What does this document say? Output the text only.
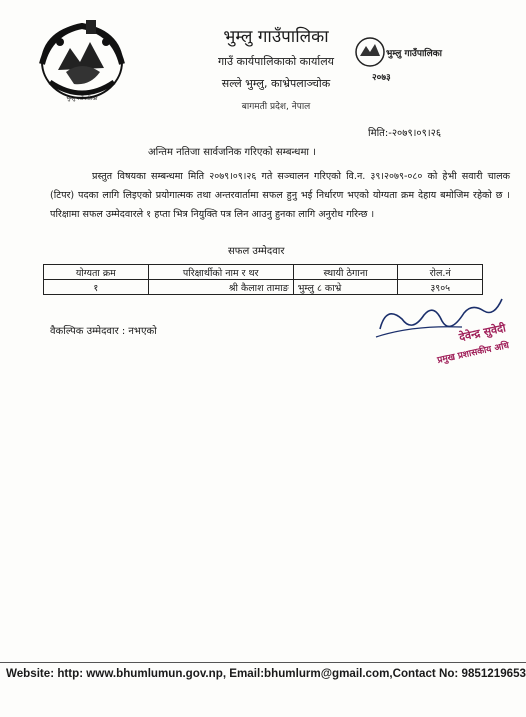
भुम्लु गाउँपालिका
भुम्लु गाउँपालिका
गाउँ कार्यपालिकाको कार्यालय
सल्ले भुम्लु, काभ्रेपलाञ्चोक
बागमती प्रदेश, नेपाल
भुम्लु गाउँपालिका
२०७३
मिति:-२०७९।०९।२६
अन्तिम नतिजा सार्वजनिक गरिएको सम्बन्धमा ।
प्रस्तुत विषयका सम्बन्धमा मिति २०७९।०९।२६ गते सञ्चालन गरिएको वि.न. ३९।२०७९-०८० को हेभी सवारी चालक (टिपर) पदका लागि लिइएको प्रयोगात्मक तथा अन्तरवार्तामा सफल हुनु भई निर्धारण भएको योग्यता क्रम देहाय बमोजिम रहेको छ । परिक्षामा सफल उम्मेदवारले १ हप्ता भित्र नियुक्ति पत्र लिन आउनु हुनका लागि अनुरोध गरिन्छ ।
सफल उम्मेदवार
योग्यता क्रम	परिक्षार्थीको नाम र थर	स्थायी ठेगाना	रोल.नं
१	श्री कैलाश तामाङ	भुम्लु ८ काभ्रे	३९०५
वैकल्पिक उम्मेदवार : नभएको	देवेन्द्र सुवेदी
प्रमुख प्रशासकीय अधि
Website: http: www.bhumlumun.gov.np, Email:bhumlurm@gmail.com,Contact No: 9851219653
